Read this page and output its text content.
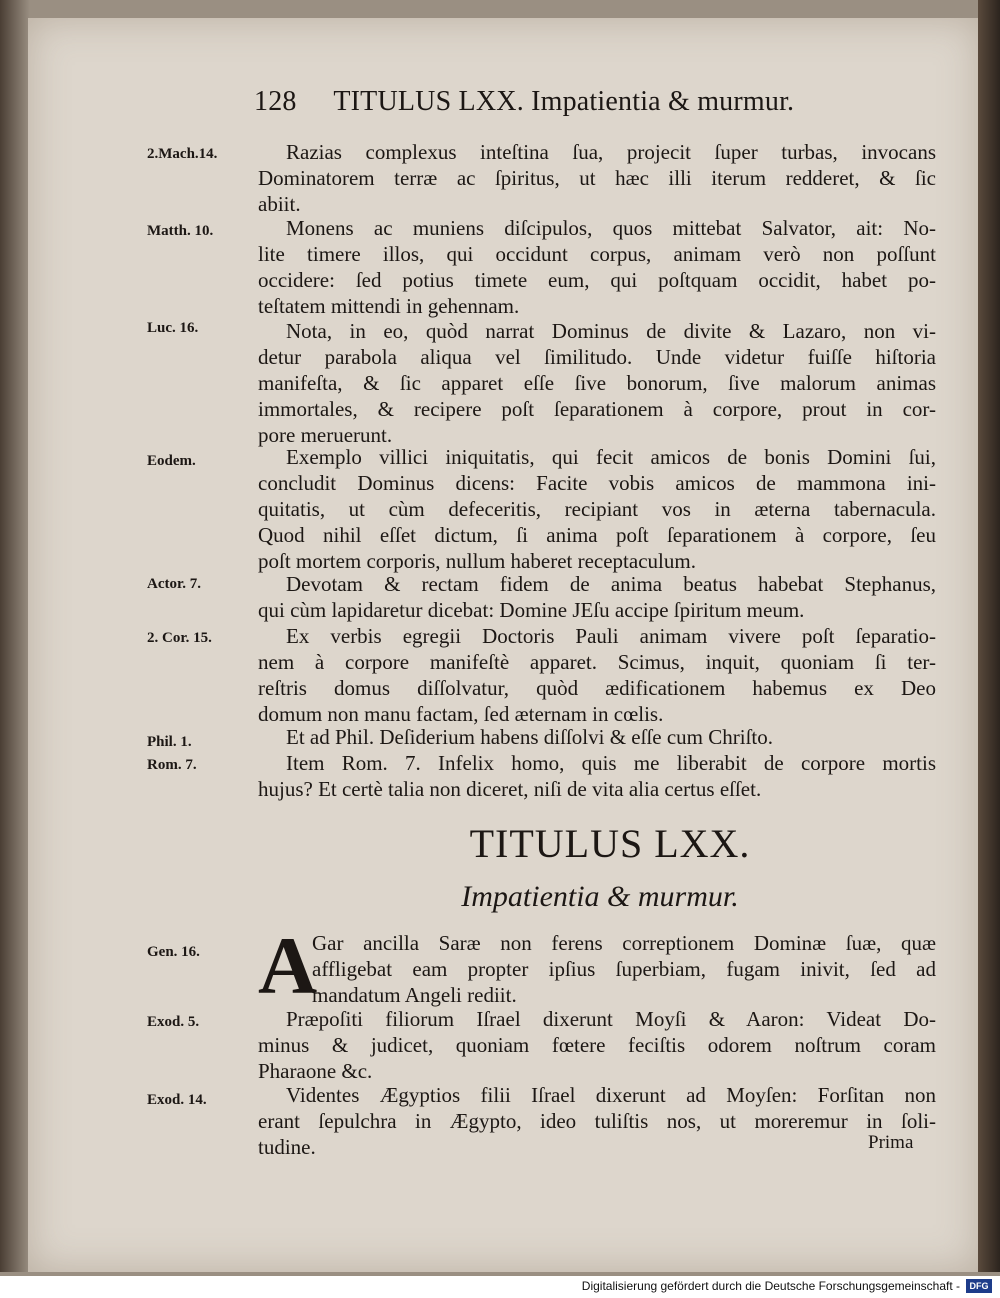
128 TITULUS LXX. Impatientia & murmur.
2.Mach.14.	Razias complexus inteſtina ſua, projecit ſuper turbas, invocans
Dominatorem terræ ac ſpiritus, ut hæc illi iterum redderet, & ſic
abiit.
Matth. 10.	Monens ac muniens diſcipulos, quos mittebat Salvator, ait: No-
lite timere illos, qui occidunt corpus, animam verò non poſſunt
occidere: ſed potius timete eum, qui poſtquam occidit, habet po-
teſtatem mittendi in gehennam.
Luc. 16.	Nota, in eo, quòd narrat Dominus de divite & Lazaro, non vi-
detur parabola aliqua vel ſimilitudo. Unde videtur fuiſſe hiſtoria
manifeſta, & ſic apparet eſſe ſive bonorum, ſive malorum animas
immortales, & recipere poſt ſeparationem à corpore, prout in cor-
pore meruerunt.
Eodem.	Exemplo villici iniquitatis, qui fecit amicos de bonis Domini ſui,
concludit Dominus dicens: Facite vobis amicos de mammona ini-
quitatis, ut cùm defeceritis, recipiant vos in æterna tabernacula.
Quod nihil eſſet dictum, ſi anima poſt ſeparationem à corpore, ſeu
poſt mortem corporis, nullum haberet receptaculum.
Actor. 7.	Devotam & rectam fidem de anima beatus habebat Stephanus,
qui cùm lapidaretur dicebat: Domine JEſu accipe ſpiritum meum.
2. Cor. 15.	Ex verbis egregii Doctoris Pauli animam vivere poſt ſeparatio-
nem à corpore manifeſtè apparet. Scimus, inquit, quoniam ſi ter-
reſtris domus diſſolvatur, quòd ædificationem habemus ex Deo
domum non manu factam, ſed æternam in cœlis.
Phil. 1.	Et ad Phil. Deſiderium habens diſſolvi & eſſe cum Chriſto.
Rom. 7.	Item Rom. 7. Infelix homo, quis me liberabit de corpore mortis
hujus? Et certè talia non diceret, niſi de vita alia certus eſſet.
TITULUS LXX.
Impatientia & murmur.
A
Gen. 16.	Gar ancilla Saræ non ferens correptionem Dominæ ſuæ, quæ
affligebat eam propter ipſius ſuperbiam, fugam inivit, ſed ad
mandatum Angeli rediit.
Exod. 5.	Præpoſiti filiorum Iſrael dixerunt Moyſi & Aaron: Videat Do-
minus & judicet, quoniam fœtere feciſtis odorem noſtrum coram
Pharaone &c.
Exod. 14.	Videntes Ægyptios filii Iſrael dixerunt ad Moyſen: Forſitan non
erant ſepulchra in Ægypto, ideo tuliſtis nos, ut moreremur in ſoli-
tudine.	Prima
Digitalisierung gefördert durch die Deutsche Forschungsgemeinschaft -	DFG
